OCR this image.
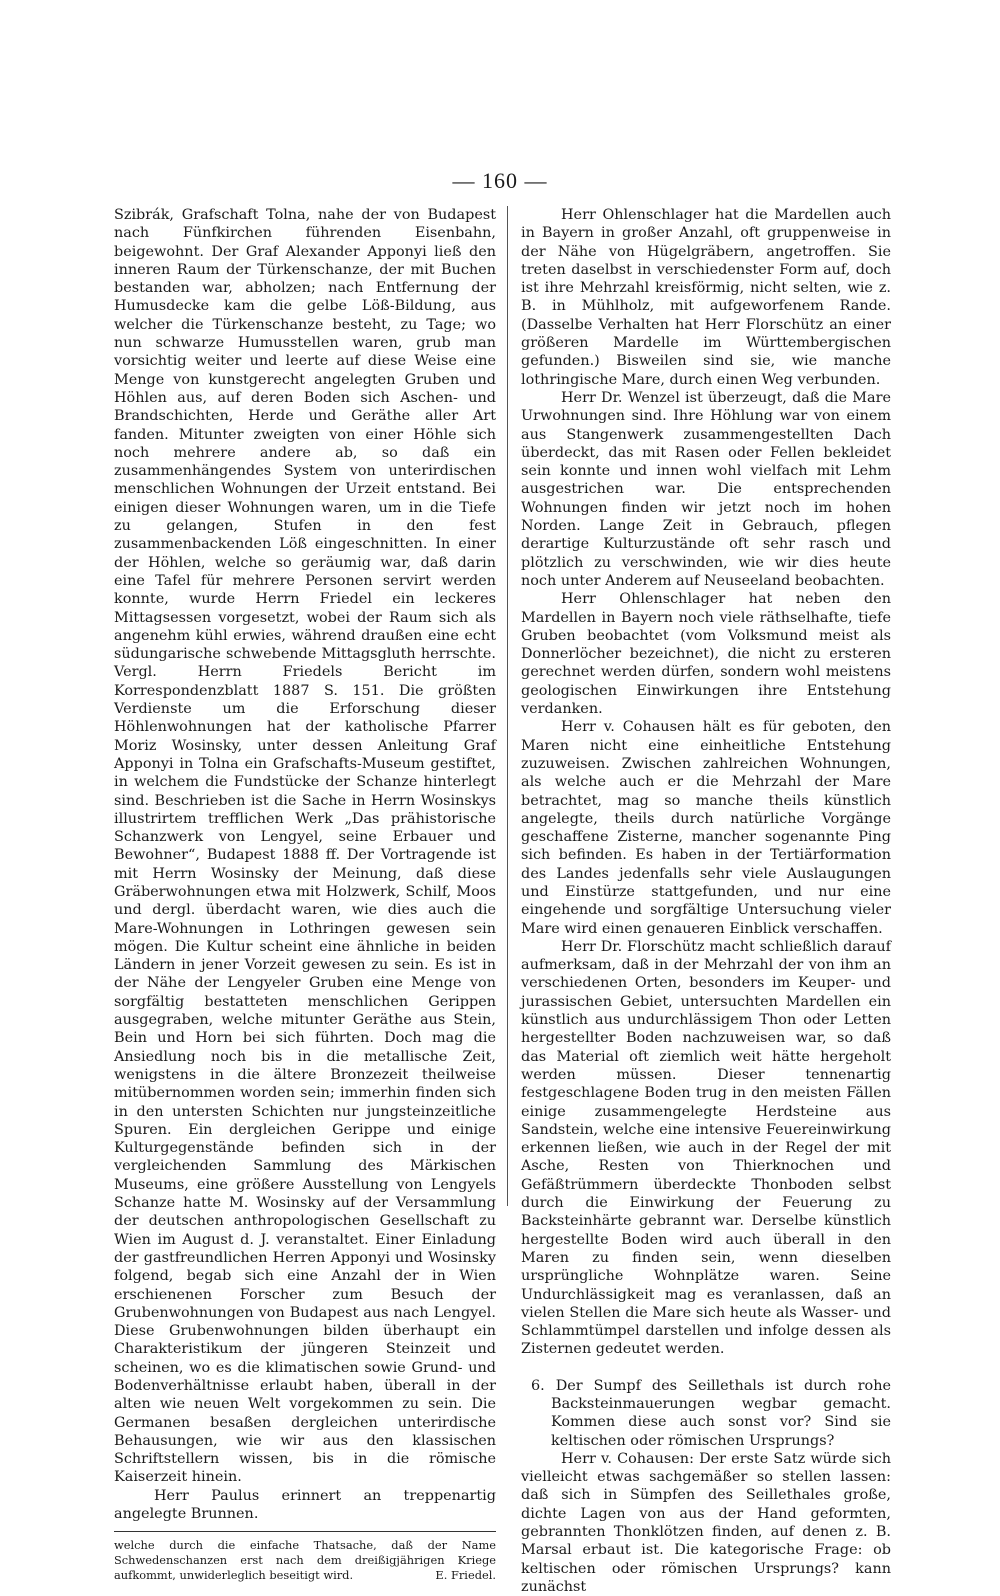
— 160 —

Szibrák, Grafschaft Tolna, nahe der von Budapest nach Fünfkirchen führenden Eisenbahn, beigewohnt. Der Graf Alexander Apponyi ließ den inneren Raum der Türkenschanze, der mit Buchen bestanden war, abholzen; nach Entfernung der Humusdecke kam die gelbe Löß-Bildung, aus welcher die Türkenschanze besteht, zu Tage; wo nun schwarze Humusstellen waren, grub man vorsichtig weiter und leerte auf diese Weise eine Menge von kunstgerecht angelegten Gruben und Höhlen aus, auf deren Boden sich Aschen- und Brandschichten, Herde und Geräthe aller Art fanden. Mitunter zweigten von einer Höhle sich noch mehrere andere ab, so daß ein zusammenhängendes System von unterirdischen menschlichen Wohnungen der Urzeit entstand. Bei einigen dieser Wohnungen waren, um in die Tiefe zu gelangen, Stufen in den fest zusammenbackenden Löß eingeschnitten. In einer der Höhlen, welche so geräumig war, daß darin eine Tafel für mehrere Personen servirt werden konnte, wurde Herrn Friedel ein leckeres Mittagsessen vorgesetzt, wobei der Raum sich als angenehm kühl erwies, während draußen eine echt südungarische schwebende Mittagsgluth herrschte. Vergl. Herrn Friedels Bericht im Korrespondenzblatt 1887 S. 151. Die größten Verdienste um die Erforschung dieser Höhlenwohnungen hat der katholische Pfarrer Moriz Wosinsky, unter dessen Anleitung Graf Apponyi in Tolna ein Grafschafts-Museum gestiftet, in welchem die Fundstücke der Schanze hinterlegt sind. Beschrieben ist die Sache in Herrn Wosinskys illustrirtem trefflichen Werk „Das prähistorische Schanzwerk von Lengyel, seine Erbauer und Bewohner“, Budapest 1888 ff. Der Vortragende ist mit Herrn Wosinsky der Meinung, daß diese Gräberwohnungen etwa mit Holzwerk, Schilf, Moos und dergl. überdacht waren, wie dies auch die Mare-Wohnungen in Lothringen gewesen sein mögen. Die Kultur scheint eine ähnliche in beiden Ländern in jener Vorzeit gewesen zu sein. Es ist in der Nähe der Lengyeler Gruben eine Menge von sorgfältig bestatteten menschlichen Gerippen ausgegraben, welche mitunter Geräthe aus Stein, Bein und Horn bei sich führten. Doch mag die Ansiedlung noch bis in die metallische Zeit, wenigstens in die ältere Bronzezeit theilweise mitübernommen worden sein; immerhin finden sich in den untersten Schichten nur jungsteinzeitliche Spuren. Ein dergleichen Gerippe und einige Kulturgegenstände befinden sich in der vergleichenden Sammlung des Märkischen Museums, eine größere Ausstellung von Lengyels Schanze hatte M. Wosinsky auf der Versammlung der deutschen anthropologischen Gesellschaft zu Wien im August d. J. veranstaltet. Einer Einladung der gastfreundlichen Herren Apponyi und Wosinsky folgend, begab sich eine Anzahl der in Wien erschienenen Forscher zum Besuch der Grubenwohnungen von Budapest aus nach Lengyel. Diese Grubenwohnungen bilden überhaupt ein Charakteristikum der jüngeren Steinzeit und scheinen, wo es die klimatischen sowie Grund- und Bodenverhältnisse erlaubt haben, überall in der alten wie neuen Welt vorgekommen zu sein. Die Germanen besaßen dergleichen unterirdische Behausungen, wie wir aus den klassischen Schriftstellern wissen, bis in die römische Kaiserzeit hinein.

Herr Paulus erinnert an treppenartig angelegte Brunnen.

welche durch die einfache Thatsache, daß der Name Schwedenschanzen erst nach dem dreißigjährigen Kriege aufkommt, unwiderleglich beseitigt wird.	E. Friedel.

Herr Ohlenschlager hat die Mardellen auch in Bayern in großer Anzahl, oft gruppenweise in der Nähe von Hügelgräbern, angetroffen. Sie treten daselbst in verschiedenster Form auf, doch ist ihre Mehrzahl kreisförmig, nicht selten, wie z. B. in Mühlholz, mit aufgeworfenem Rande. (Dasselbe Verhalten hat Herr Florschütz an einer größeren Mardelle im Württembergischen gefunden.) Bisweilen sind sie, wie manche lothringische Mare, durch einen Weg verbunden.

Herr Dr. Wenzel ist überzeugt, daß die Mare Urwohnungen sind. Ihre Höhlung war von einem aus Stangenwerk zusammengestellten Dach überdeckt, das mit Rasen oder Fellen bekleidet sein konnte und innen wohl vielfach mit Lehm ausgestrichen war. Die entsprechenden Wohnungen finden wir jetzt noch im hohen Norden. Lange Zeit in Gebrauch, pflegen derartige Kulturzustände oft sehr rasch und plötzlich zu verschwinden, wie wir dies heute noch unter Anderem auf Neuseeland beobachten.

Herr Ohlenschlager hat neben den Mardellen in Bayern noch viele räthselhafte, tiefe Gruben beobachtet (vom Volksmund meist als Donnerlöcher bezeichnet), die nicht zu ersteren gerechnet werden dürfen, sondern wohl meistens geologischen Einwirkungen ihre Entstehung verdanken.

Herr v. Cohausen hält es für geboten, den Maren nicht eine einheitliche Entstehung zuzuweisen. Zwischen zahlreichen Wohnungen, als welche auch er die Mehrzahl der Mare betrachtet, mag so manche theils künstlich angelegte, theils durch natürliche Vorgänge geschaffene Zisterne, mancher sogenannte Ping sich befinden. Es haben in der Tertiärformation des Landes jedenfalls sehr viele Auslaugungen und Einstürze stattgefunden, und nur eine eingehende und sorgfältige Untersuchung vieler Mare wird einen genaueren Einblick verschaffen.

Herr Dr. Florschütz macht schließlich darauf aufmerksam, daß in der Mehrzahl der von ihm an verschiedenen Orten, besonders im Keuper- und jurassischen Gebiet, untersuchten Mardellen ein künstlich aus undurchlässigem Thon oder Letten hergestellter Boden nachzuweisen war, so daß das Material oft ziemlich weit hätte hergeholt werden müssen. Dieser tennenartig festgeschlagene Boden trug in den meisten Fällen einige zusammengelegte Herdsteine aus Sandstein, welche eine intensive Feuereinwirkung erkennen ließen, wie auch in der Regel der mit Asche, Resten von Thierknochen und Gefäßtrümmern überdeckte Thonboden selbst durch die Einwirkung der Feuerung zu Backsteinhärte gebrannt war. Derselbe künstlich hergestellte Boden wird auch überall in den Maren zu finden sein, wenn dieselben ursprüngliche Wohnplätze waren. Seine Undurchlässigkeit mag es veranlassen, daß an vielen Stellen die Mare sich heute als Wasser- und Schlammtümpel darstellen und infolge dessen als Zisternen gedeutet werden.

6. Der Sumpf des Seillethals ist durch rohe Backsteinmauerungen wegbar gemacht. Kommen diese auch sonst vor? Sind sie keltischen oder römischen Ursprungs?

Herr v. Cohausen: Der erste Satz würde sich vielleicht etwas sachgemäßer so stellen lassen: daß sich in Sümpfen des Seillethales große, dichte Lagen von aus der Hand geformten, gebrannten Thonklötzen finden, auf denen z. B. Marsal erbaut ist. Die kategorische Frage: ob keltischen oder römischen Ursprungs? kann zunächst
